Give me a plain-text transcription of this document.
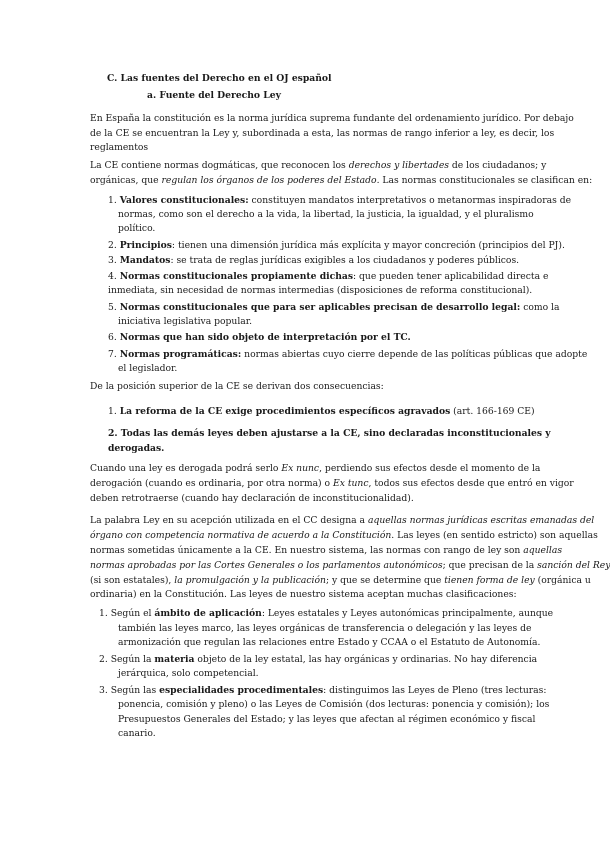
C. Las fuentes del Derecho en el OJ español
a. Fuente del Derecho Ley
En España la constitución es la norma jurídica suprema fundante del ordenamiento jurídico. Por debajo
de la CE se encuentran la Ley y, subordinada a esta, las normas de rango inferior a ley, es decir, los
reglamentos
La CE contiene normas dogmáticas, que reconocen los derechos y libertades de los ciudadanos; y
orgánicas, que regulan los órganos de los poderes del Estado. Las normas constitucionales se clasifican en:
1. Valores constitucionales: constituyen mandatos interpretativos o metanormas inspiradoras de
normas, como son el derecho a la vida, la libertad, la justicia, la igualdad, y el pluralismo
político.
2. Principios: tienen una dimensión jurídica más explícita y mayor concreción (principios del PJ).
3. Mandatos: se trata de reglas jurídicas exigibles a los ciudadanos y poderes públicos.
4. Normas constitucionales propiamente dichas: que pueden tener aplicabilidad directa e
inmediata, sin necesidad de normas intermedias (disposiciones de reforma constitucional).
5. Normas constitucionales que para ser aplicables precisan de desarrollo legal: como la
iniciativa legislativa popular.
6. Normas que han sido objeto de interpretación por el TC.
7. Normas programáticas: normas abiertas cuyo cierre depende de las políticas públicas que adopte
el legislador.
De la posición superior de la CE se derivan dos consecuencias:
1. La reforma de la CE exige procedimientos específicos agravados (art. 166-169 CE)
2. Todas las demás leyes deben ajustarse a la CE, sino declaradas inconstitucionales y
derogadas.
Cuando una ley es derogada podrá serlo Ex nunc, perdiendo sus efectos desde el momento de la
derogación (cuando es ordinaria, por otra norma) o Ex tunc, todos sus efectos desde que entró en vigor
deben retrotraerse (cuando hay declaración de inconstitucionalidad).
La palabra Ley en su acepción utilizada en el CC designa a aquellas normas jurídicas escritas emanadas del
órgano con competencia normativa de acuerdo a la Constitución. Las leyes (en sentido estricto) son aquellas
normas sometidas únicamente a la CE. En nuestro sistema, las normas con rango de ley son aquellas
normas aprobadas por las Cortes Generales o los parlamentos autonómicos; que precisan de la sanción del Rey
(si son estatales), la promulgación y la publicación; y que se determine que tienen forma de ley (orgánica u
ordinaria) en la Constitución. Las leyes de nuestro sistema aceptan muchas clasificaciones:
1. Según el ámbito de aplicación: Leyes estatales y Leyes autonómicas principalmente, aunque
también las leyes marco, las leyes orgánicas de transferencia o delegación y las leyes de
armonización que regulan las relaciones entre Estado y CCAA o el Estatuto de Autonomía.
2. Según la materia objeto de la ley estatal, las hay orgánicas y ordinarias. No hay diferencia
jerárquica, solo competencial.
3. Según las especialidades procedimentales: distinguimos las Leyes de Pleno (tres lecturas:
ponencia, comisión y pleno) o las Leyes de Comisión (dos lecturas: ponencia y comisión); los
Presupuestos Generales del Estado; y las leyes que afectan al régimen económico y fiscal
canario.
